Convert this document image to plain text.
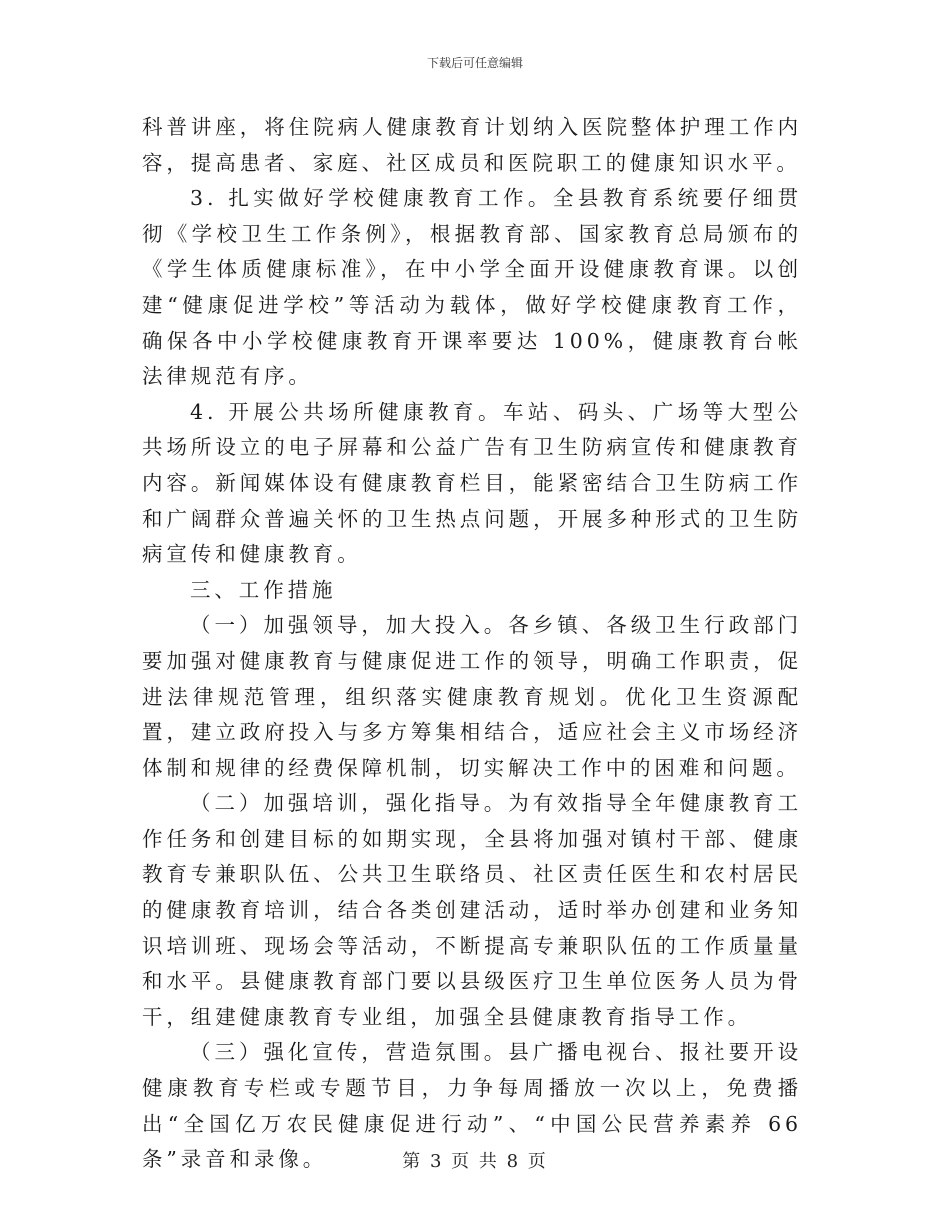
下载后可任意编辑

科普讲座，将住院病人健康教育计划纳入医院整体护理工作内容，提高患者、家庭、社区成员和医院职工的健康知识水平。

3. 扎实做好学校健康教育工作。全县教育系统要仔细贯彻《学校卫生工作条例》，根据教育部、国家教育总局颁布的《学生体质健康标准》，在中小学全面开设健康教育课。以创建“健康促进学校”等活动为载体，做好学校健康教育工作，确保各中小学校健康教育开课率要达 100%，健康教育台帐法律规范有序。

4. 开展公共场所健康教育。车站、码头、广场等大型公共场所设立的电子屏幕和公益广告有卫生防病宣传和健康教育内容。新闻媒体设有健康教育栏目，能紧密结合卫生防病工作和广阔群众普遍关怀的卫生热点问题，开展多种形式的卫生防病宣传和健康教育。

三、工作措施

（一）加强领导，加大投入。各乡镇、各级卫生行政部门要加强对健康教育与健康促进工作的领导，明确工作职责，促进法律规范管理，组织落实健康教育规划。优化卫生资源配置，建立政府投入与多方筹集相结合，适应社会主义市场经济体制和规律的经费保障机制，切实解决工作中的困难和问题。

（二）加强培训，强化指导。为有效指导全年健康教育工作任务和创建目标的如期实现，全县将加强对镇村干部、健康教育专兼职队伍、公共卫生联络员、社区责任医生和农村居民的健康教育培训，结合各类创建活动，适时举办创建和业务知识培训班、现场会等活动，不断提高专兼职队伍的工作质量量和水平。县健康教育部门要以县级医疗卫生单位医务人员为骨干，组建健康教育专业组，加强全县健康教育指导工作。

（三）强化宣传，营造氛围。县广播电视台、报社要开设健康教育专栏或专题节目，力争每周播放一次以上，免费播出“全国亿万农民健康促进行动”、“中国公民营养素养 66 条”录音和录像。	第 3 页 共 8 页
